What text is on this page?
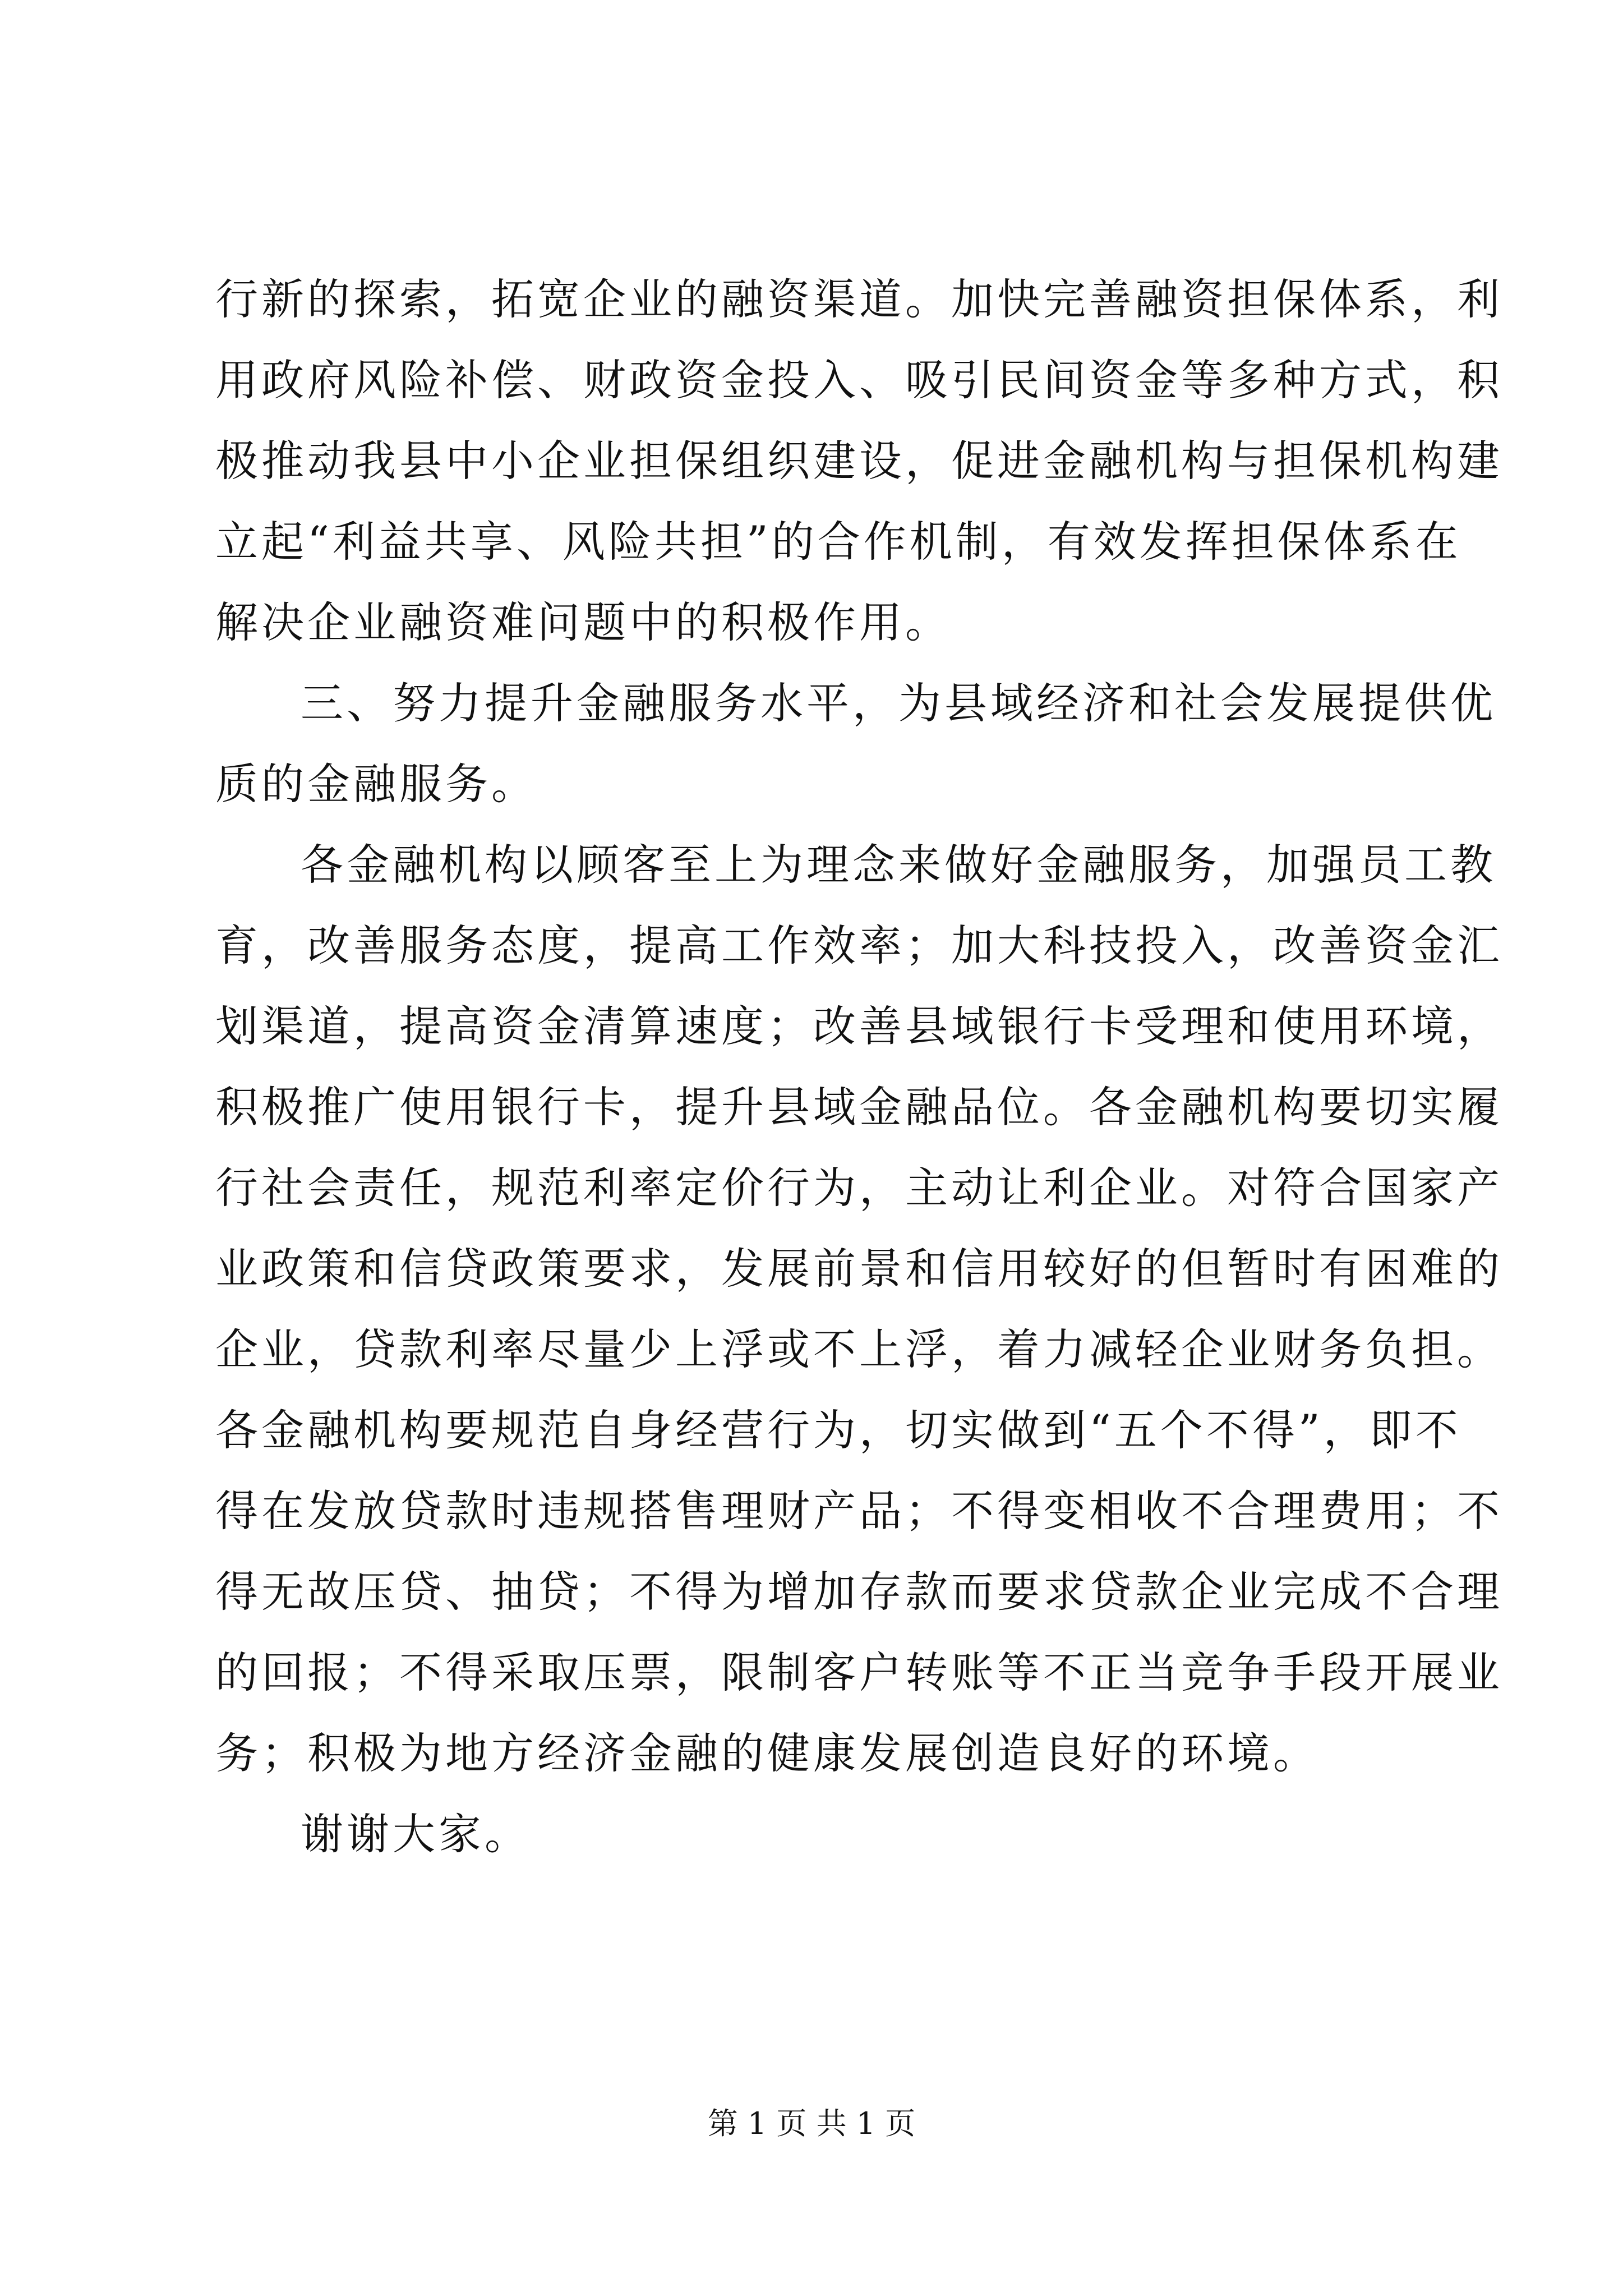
行新的探索，拓宽企业的融资渠道。加快完善融资担保体系，利
用政府风险补偿、财政资金投入、吸引民间资金等多种方式，积
极推动我县中小企业担保组织建设，促进金融机构与担保机构建
立起“利益共享、风险共担”的合作机制，有效发挥担保体系在
解决企业融资难问题中的积极作用。
三、努力提升金融服务水平，为县域经济和社会发展提供优
质的金融服务。
各金融机构以顾客至上为理念来做好金融服务，加强员工教
育，改善服务态度，提高工作效率；加大科技投入，改善资金汇
划渠道，提高资金清算速度；改善县域银行卡受理和使用环境，
积极推广使用银行卡，提升县域金融品位。各金融机构要切实履
行社会责任，规范利率定价行为，主动让利企业。对符合国家产
业政策和信贷政策要求，发展前景和信用较好的但暂时有困难的
企业，贷款利率尽量少上浮或不上浮，着力减轻企业财务负担。
各金融机构要规范自身经营行为，切实做到“五个不得”，即不
得在发放贷款时违规搭售理财产品；不得变相收不合理费用；不
得无故压贷、抽贷；不得为增加存款而要求贷款企业完成不合理
的回报；不得采取压票，限制客户转账等不正当竞争手段开展业
务；积极为地方经济金融的健康发展创造良好的环境。
谢谢大家。
第 1 页 共 1 页
